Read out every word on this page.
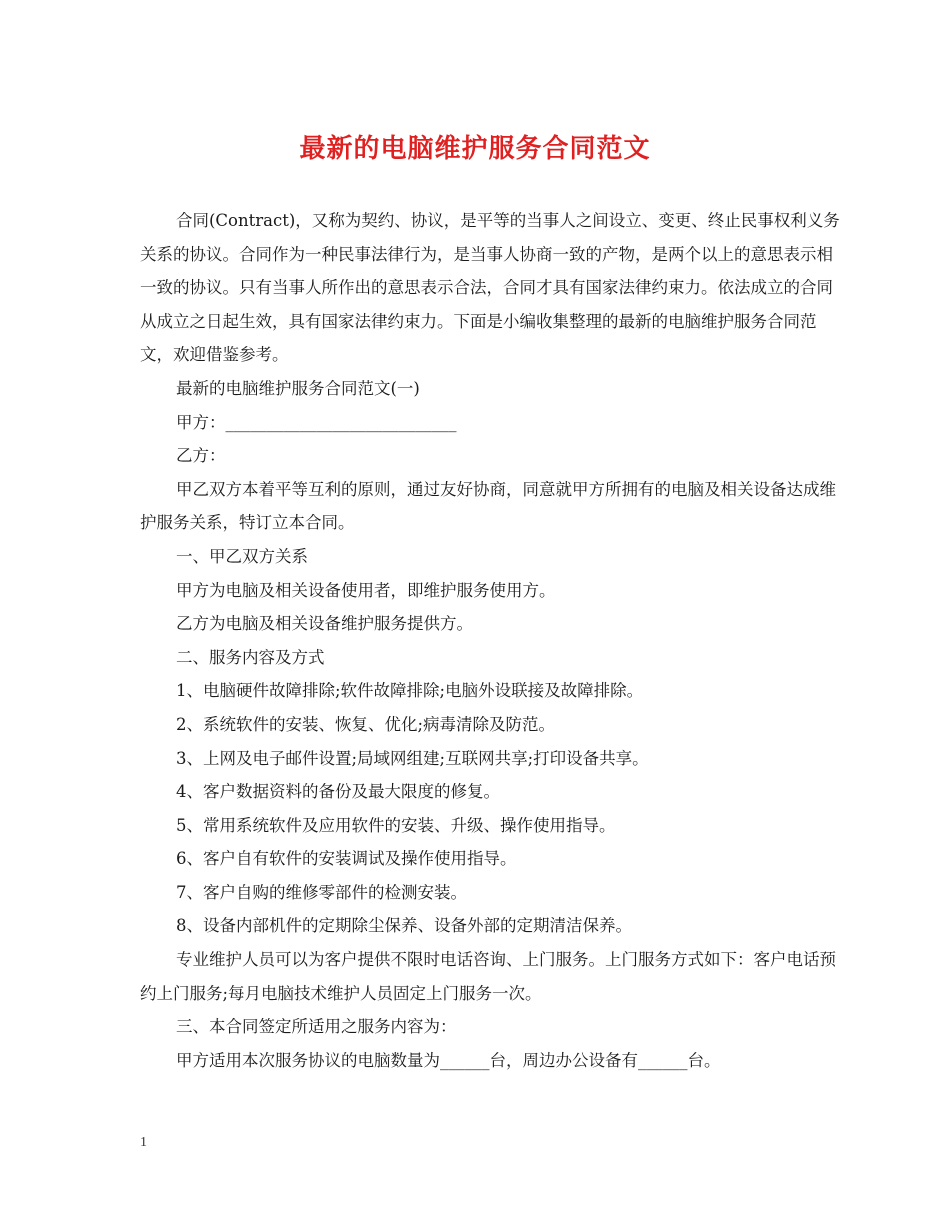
最新的电脑维护服务合同范文

合同(Contract)，又称为契约、协议，是平等的当事人之间设立、变更、终止民事权利义务关系的协议。合同作为一种民事法律行为，是当事人协商一致的产物，是两个以上的意思表示相一致的协议。只有当事人所作出的意思表示合法，合同才具有国家法律约束力。依法成立的合同从成立之日起生效，具有国家法律约束力。下面是小编收集整理的最新的电脑维护服务合同范文，欢迎借鉴参考。

最新的电脑维护服务合同范文(一)

甲方：____________________________

乙方：

甲乙双方本着平等互利的原则，通过友好协商，同意就甲方所拥有的电脑及相关设备达成维护服务关系，特订立本合同。

一、甲乙双方关系

甲方为电脑及相关设备使用者，即维护服务使用方。

乙方为电脑及相关设备维护服务提供方。

二、服务内容及方式

1、电脑硬件故障排除;软件故障排除;电脑外设联接及故障排除。

2、系统软件的安装、恢复、优化;病毒清除及防范。

3、上网及电子邮件设置;局域网组建;互联网共享;打印设备共享。

4、客户数据资料的备份及最大限度的修复。

5、常用系统软件及应用软件的安装、升级、操作使用指导。

6、客户自有软件的安装调试及操作使用指导。

7、客户自购的维修零部件的检测安装。

8、设备内部机件的定期除尘保养、设备外部的定期清洁保养。

专业维护人员可以为客户提供不限时电话咨询、上门服务。上门服务方式如下：客户电话预约上门服务;每月电脑技术维护人员固定上门服务一次。

三、本合同签定所适用之服务内容为：

甲方适用本次服务协议的电脑数量为______台，周边办公设备有______台。

1
